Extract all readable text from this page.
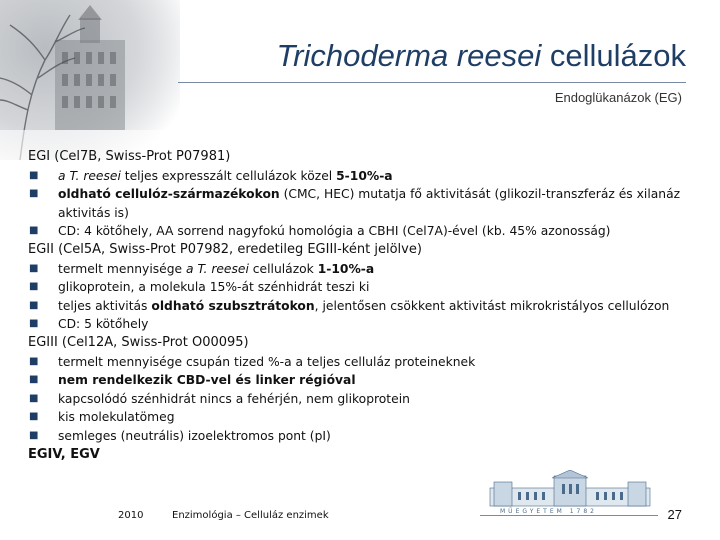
Trichoderma reesei cellulázok
Endoglükanázok (EG)
EGI (Cel7B, Swiss-Prot P07981)
■ a T. reesei teljes expresszált cellulázok közel 5-10%-a
■ oldható cellulóz-származékokon (CMC, HEC) mutatja fő aktivitását (glikozil-transzferáz és xilanáz aktivitás is)
■ CD: 4 kötőhely, AA sorrend nagyfokú homológia a CBHI (Cel7A)-ével (kb. 45% azonosság)
EGII (Cel5A, Swiss-Prot P07982, eredetileg EGIII-ként jelölve)
■ termelt mennyisége a T. reesei cellulázok 1-10%-a
■ glikoprotein, a molekula 15%-át szénhidrát teszi ki
■ teljes aktivitás oldható szubsztrátokon, jelentősen csökkent aktivitást mikrokristályos cellulózon
■ CD: 5 kötőhely
EGIII (Cel12A, Swiss-Prot O00095)
■ termelt mennyisége csupán tized %-a a teljes celluláz proteineknek
■ nem rendelkezik CBD-vel és linker régióval
■ kapcsolódó szénhidrát nincs a fehérjén, nem glikoprotein
■ kis molekulatömeg
■ semleges (neutrális) izoelektromos pont (pI)
EGIV, EGV
MŰEGYETEM 1782
2010	Enzimológia – Celluláz enzimek	27
